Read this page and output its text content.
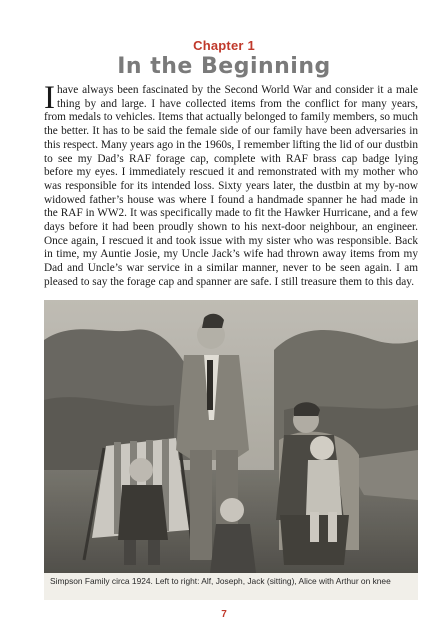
Chapter 1
In the Beginning

Ihave always been fascinated by the Second World War and consider it a male thing by and large. I have collected items from the conflict for many years, from medals to vehicles. Items that actually belonged to family members, so much the better. It has to be said the female side of our family have been adversaries in this respect. Many years ago in the 1960s, I remember lifting the lid of our dustbin to see my Dad’s RAF forage cap, complete with RAF brass cap badge lying before my eyes. I immediately rescued it and remonstrated with my mother who was responsible for its intended loss. Sixty years later, the dustbin at my by-now widowed father’s house was where I found a handmade spanner he had made in the RAF in WW2. It was specifically made to fit the Hawker Hurricane, and a few days before it had been proudly shown to his next-door neighbour, an engineer. Once again, I rescued it and took issue with my sister who was responsible. Back in time, my Auntie Josie, my Uncle Jack’s wife had thrown away items from my Dad and Uncle’s war service in a similar manner, never to be seen again. I am pleased to say the forage cap and spanner are safe. I still treasure them to this day.

Simpson Family circa 1924. Left to right: Alf, Joseph, Jack (sitting), Alice with Arthur on knee
7
